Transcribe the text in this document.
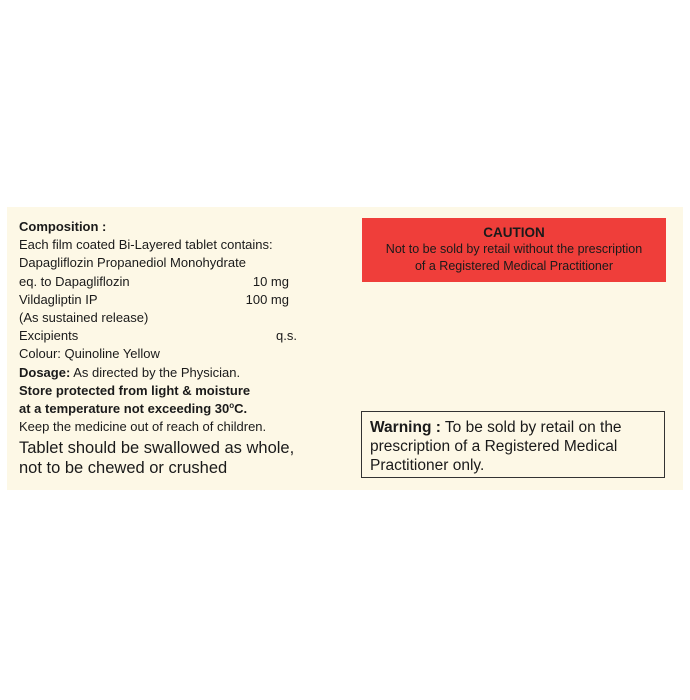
Composition :
Each film coated Bi-Layered tablet contains:
Dapagliflozin Propanediol Monohydrate
eq. to Dapagliflozin	10 mg
Vildagliptin IP	100 mg
(As sustained release)
Excipients	q.s.
Colour: Quinoline Yellow
Dosage: As directed by the Physician.
Store protected from light & moisture
at a temperature not exceeding 30$^o$C.
Keep the medicine out of reach of children.
Tablet should be swallowed as whole,
not to be chewed or crushed
CAUTION
Not to be sold by retail without the prescription
of a Registered Medical Practitioner
Warning : To be sold by retail on the prescription of a Registered Medical Practitioner only.
